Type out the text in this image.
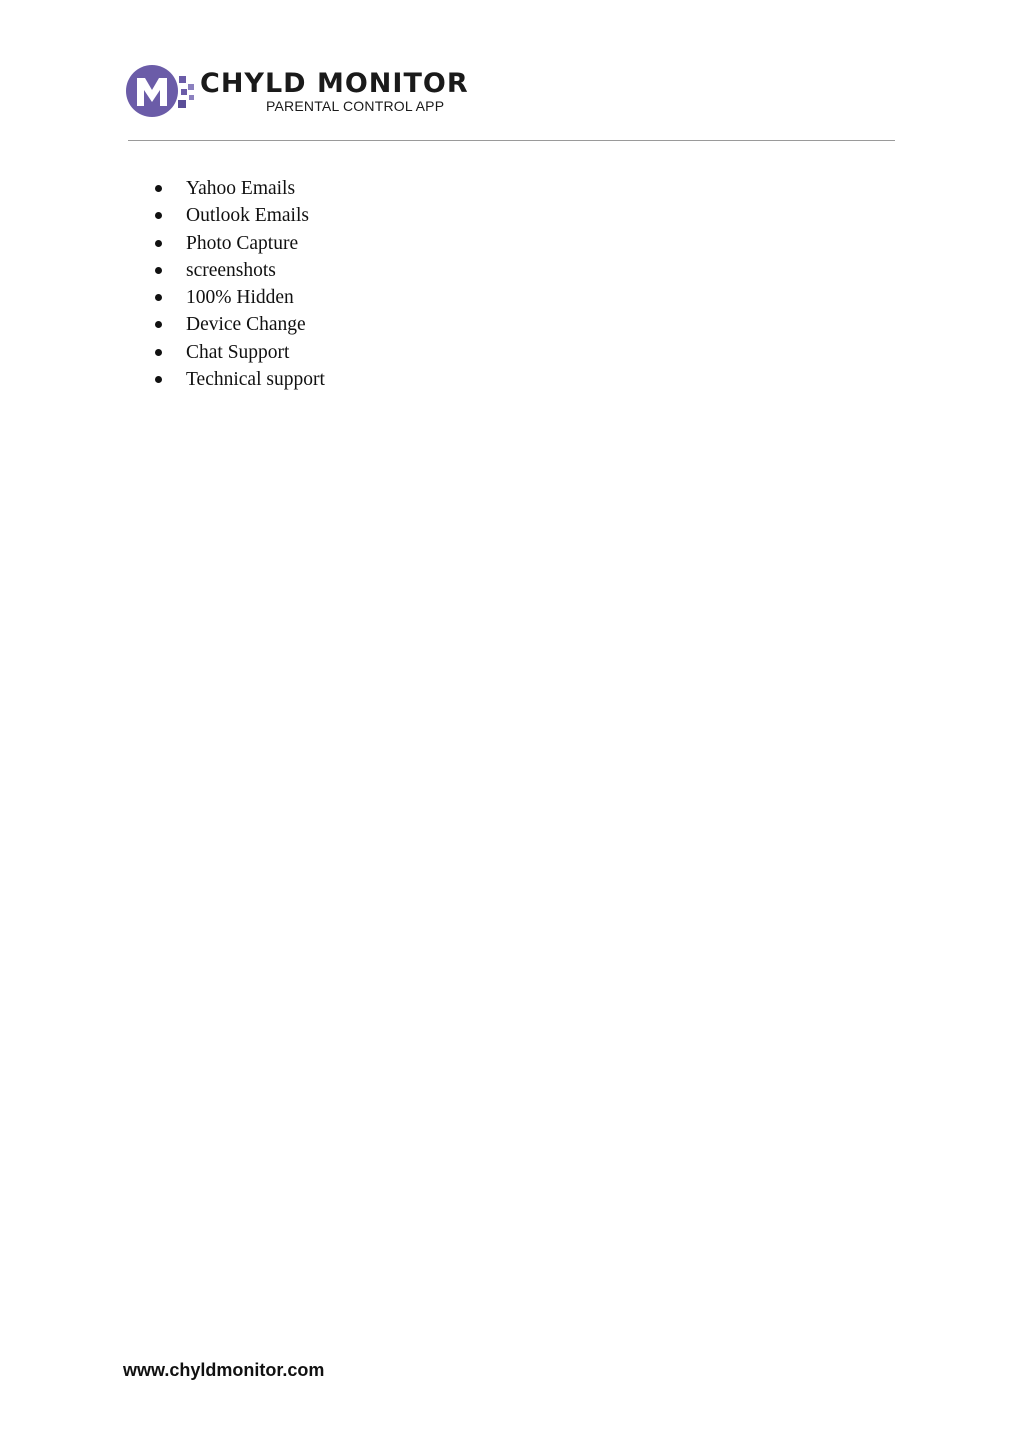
CHYLD MONITOR
PARENTAL CONTROL APP
Yahoo Emails
Outlook Emails
Photo Capture
screenshots
100% Hidden
Device Change
Chat Support
Technical support
www.chyldmonitor.com
